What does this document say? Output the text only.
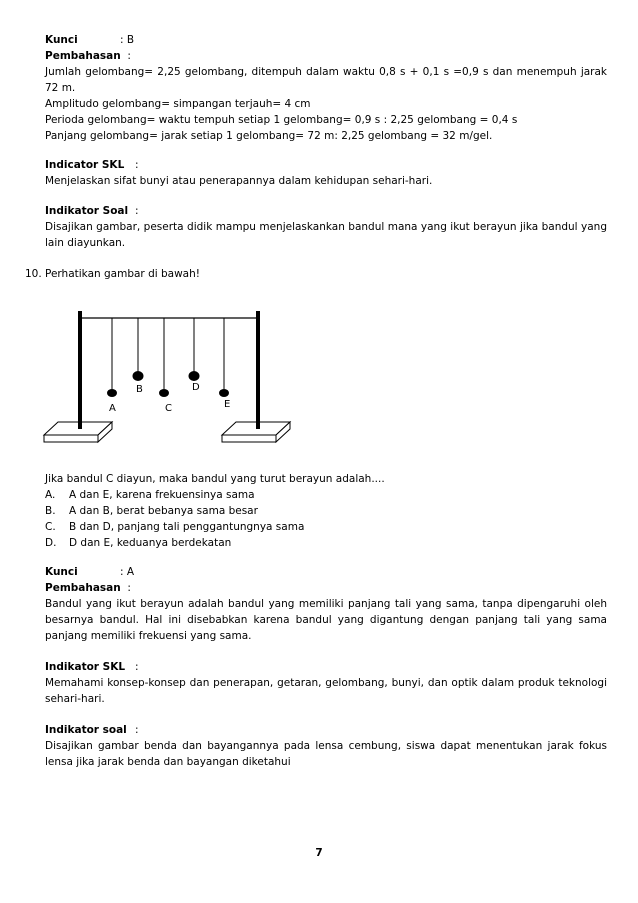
Kunci	: B
Pembahasan :
Jumlah gelombang= 2,25 gelombang, ditempuh dalam waktu 0,8 s + 0,1 s =0,9 s dan menempuh jarak 72 m.
Amplitudo gelombang= simpangan terjauh= 4 cm
Perioda gelombang= waktu tempuh setiap 1 gelombang= 0,9 s : 2,25 gelombang = 0,4 s
Panjang gelombang= jarak setiap 1 gelombang= 72 m: 2,25 gelombang = 32 m/gel.
Indicator SKL :
Menjelaskan sifat bunyi atau penerapannya dalam kehidupan sehari-hari.
Indikator Soal :
Disajikan gambar, peserta didik mampu menjelaskankan bandul mana yang ikut berayun jika bandul yang lain diayunkan.
10. Perhatikan gambar di bawah!
A
B
C
D
E
Jika bandul C diayun, maka bandul yang turut berayun adalah....
A. A dan E, karena frekuensinya sama
B. A dan B, berat bebanya sama besar
C. B dan D, panjang tali penggantungnya sama
D. D dan E, keduanya berdekatan
Kunci	: A
Pembahasan :
Bandul yang ikut berayun adalah bandul yang memiliki panjang tali yang sama, tanpa dipengaruhi oleh besarnya bandul. Hal ini disebabkan karena bandul yang digantung dengan panjang tali yang sama panjang memiliki frekuensi yang sama.
Indikator SKL :
Memahami konsep-konsep dan penerapan, getaran, gelombang, bunyi, dan optik dalam produk teknologi sehari-hari.
Indikator soal :
Disajikan gambar benda dan bayangannya pada lensa cembung, siswa dapat menentukan jarak fokus lensa jika jarak benda dan bayangan diketahui
7
